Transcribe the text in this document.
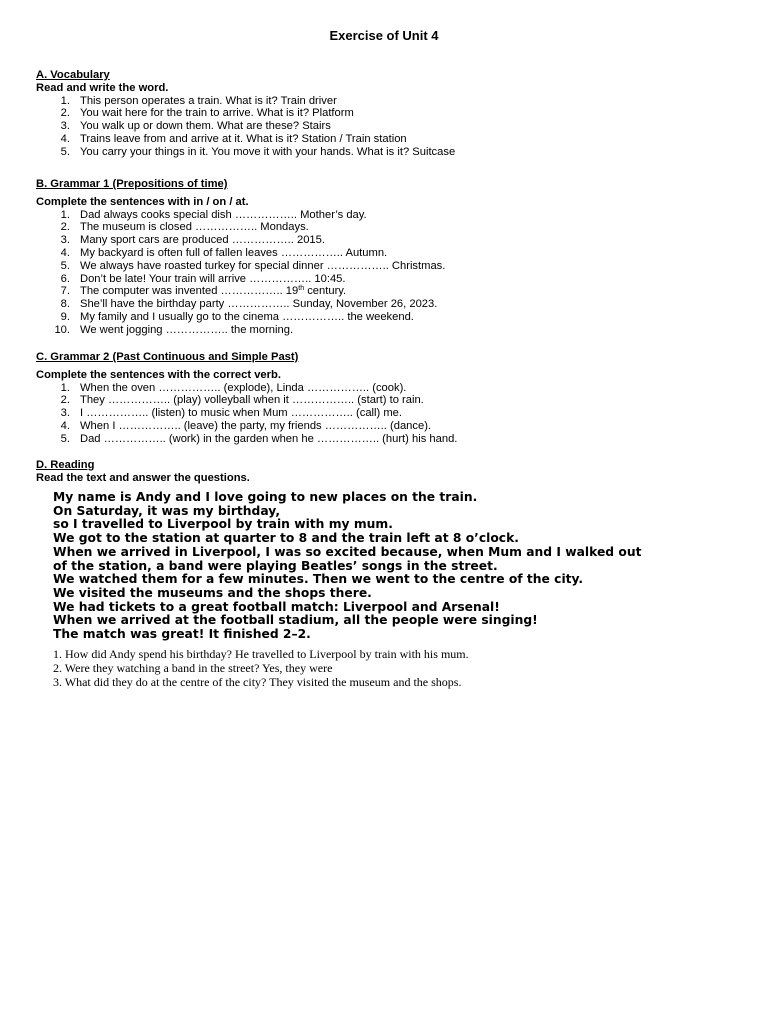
Exercise of Unit 4
A. Vocabulary
Read and write the word.
1. This person operates a train. What is it? Train driver
2. You wait here for the train to arrive. What is it? Platform
3. You walk up or down them. What are these? Stairs
4. Trains leave from and arrive at it. What is it? Station / Train station
5. You carry your things in it. You move it with your hands. What is it? Suitcase
B. Grammar 1 (Prepositions of time)
Complete the sentences with in / on / at.
1. Dad always cooks special dish …………….. Mother’s day.
2. The museum is closed …………….. Mondays.
3. Many sport cars are produced …………….. 2015.
4. My backyard is often full of fallen leaves …………….. Autumn.
5. We always have roasted turkey for special dinner …………….. Christmas.
6. Don’t be late! Your train will arrive …………….. 10:45.
7. The computer was invented …………….. 19th century.
8. She’ll have the birthday party …………….. Sunday, November 26, 2023.
9. My family and I usually go to the cinema …………….. the weekend.
10. We went jogging …………….. the morning.
C. Grammar 2 (Past Continuous and Simple Past)
Complete the sentences with the correct verb.
1. When the oven …………….. (explode), Linda …………….. (cook).
2. They …………….. (play) volleyball when it …………….. (start) to rain.
3. I …………….. (listen) to music when Mum …………….. (call) me.
4. When I …………….. (leave) the party, my friends …………….. (dance).
5. Dad …………….. (work) in the garden when he …………….. (hurt) his hand.
D. Reading
Read the text and answer the questions.

My name is Andy and I love going to new places on the train.

On Saturday, it was my birthday,

so I travelled to Liverpool by train with my mum.

We got to the station at quarter to 8 and the train left at 8 o’clock.

When we arrived in Liverpool, I was so excited because, when Mum and I walked out

of the station, a band were playing Beatles’ songs in the street.

We watched them for a few minutes. Then we went to the centre of the city.

We visited the museums and the shops there.

We had tickets to a great football match: Liverpool and Arsenal!

When we arrived at the football stadium, all the people were singing!

The match was great! It finished 2–2.

1. How did Andy spend his birthday? He travelled to Liverpool by train with his mum.

2. Were they watching a band in the street? Yes, they were

3. What did they do at the centre of the city? They visited the museum and the shops.
